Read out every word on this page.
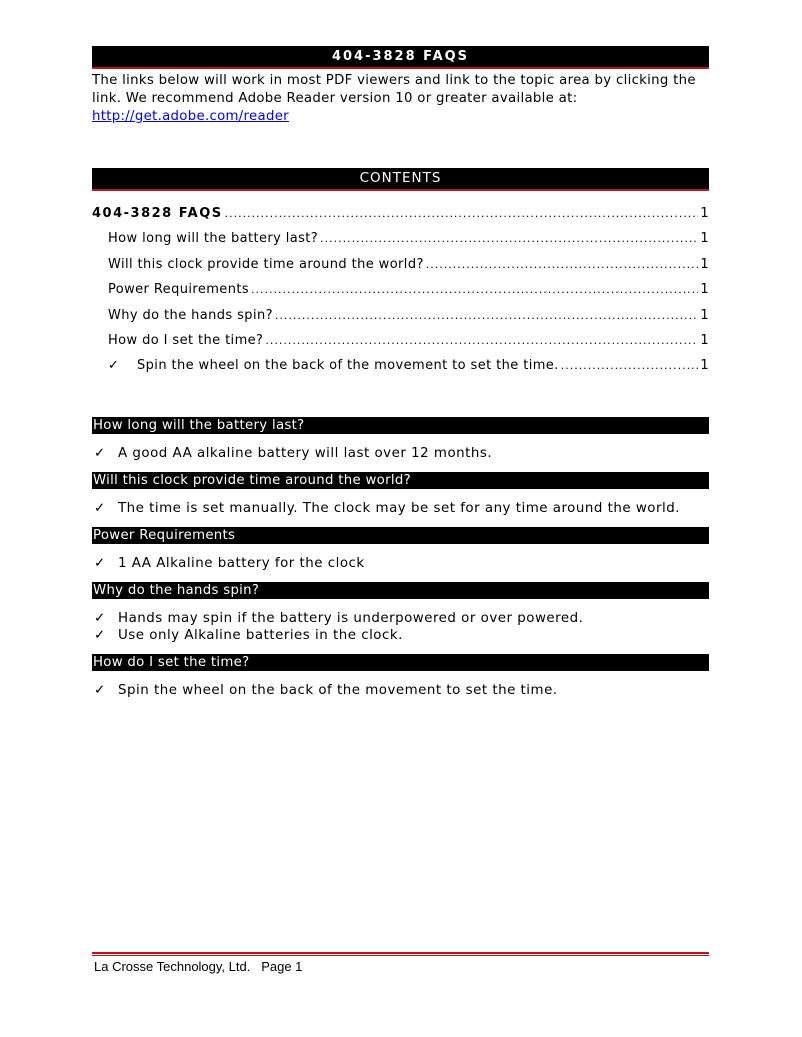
404-3828 FAQS
The links below will work in most PDF viewers and link to the topic area by clicking the link. We recommend Adobe Reader version 10 or greater available at:
http://get.adobe.com/reader
CONTENTS
404-3828 FAQS .....	1
How long will the battery last? .....	1
Will this clock provide time around the world? .....	1
Power Requirements .....	1
Why do the hands spin? .....	1
How do I set the time? .....	1
✓ Spin the wheel on the back of the movement to set the time. .....	1
How long will the battery last?
✓ A good AA alkaline battery will last over 12 months.
Will this clock provide time around the world?
✓ The time is set manually. The clock may be set for any time around the world.
Power Requirements
✓ 1 AA Alkaline battery for the clock
Why do the hands spin?
✓ Hands may spin if the battery is underpowered or over powered.
✓ Use only Alkaline batteries in the clock.
How do I set the time?
✓ Spin the wheel on the back of the movement to set the time.
La Crosse Technology, Ltd. Page 1
